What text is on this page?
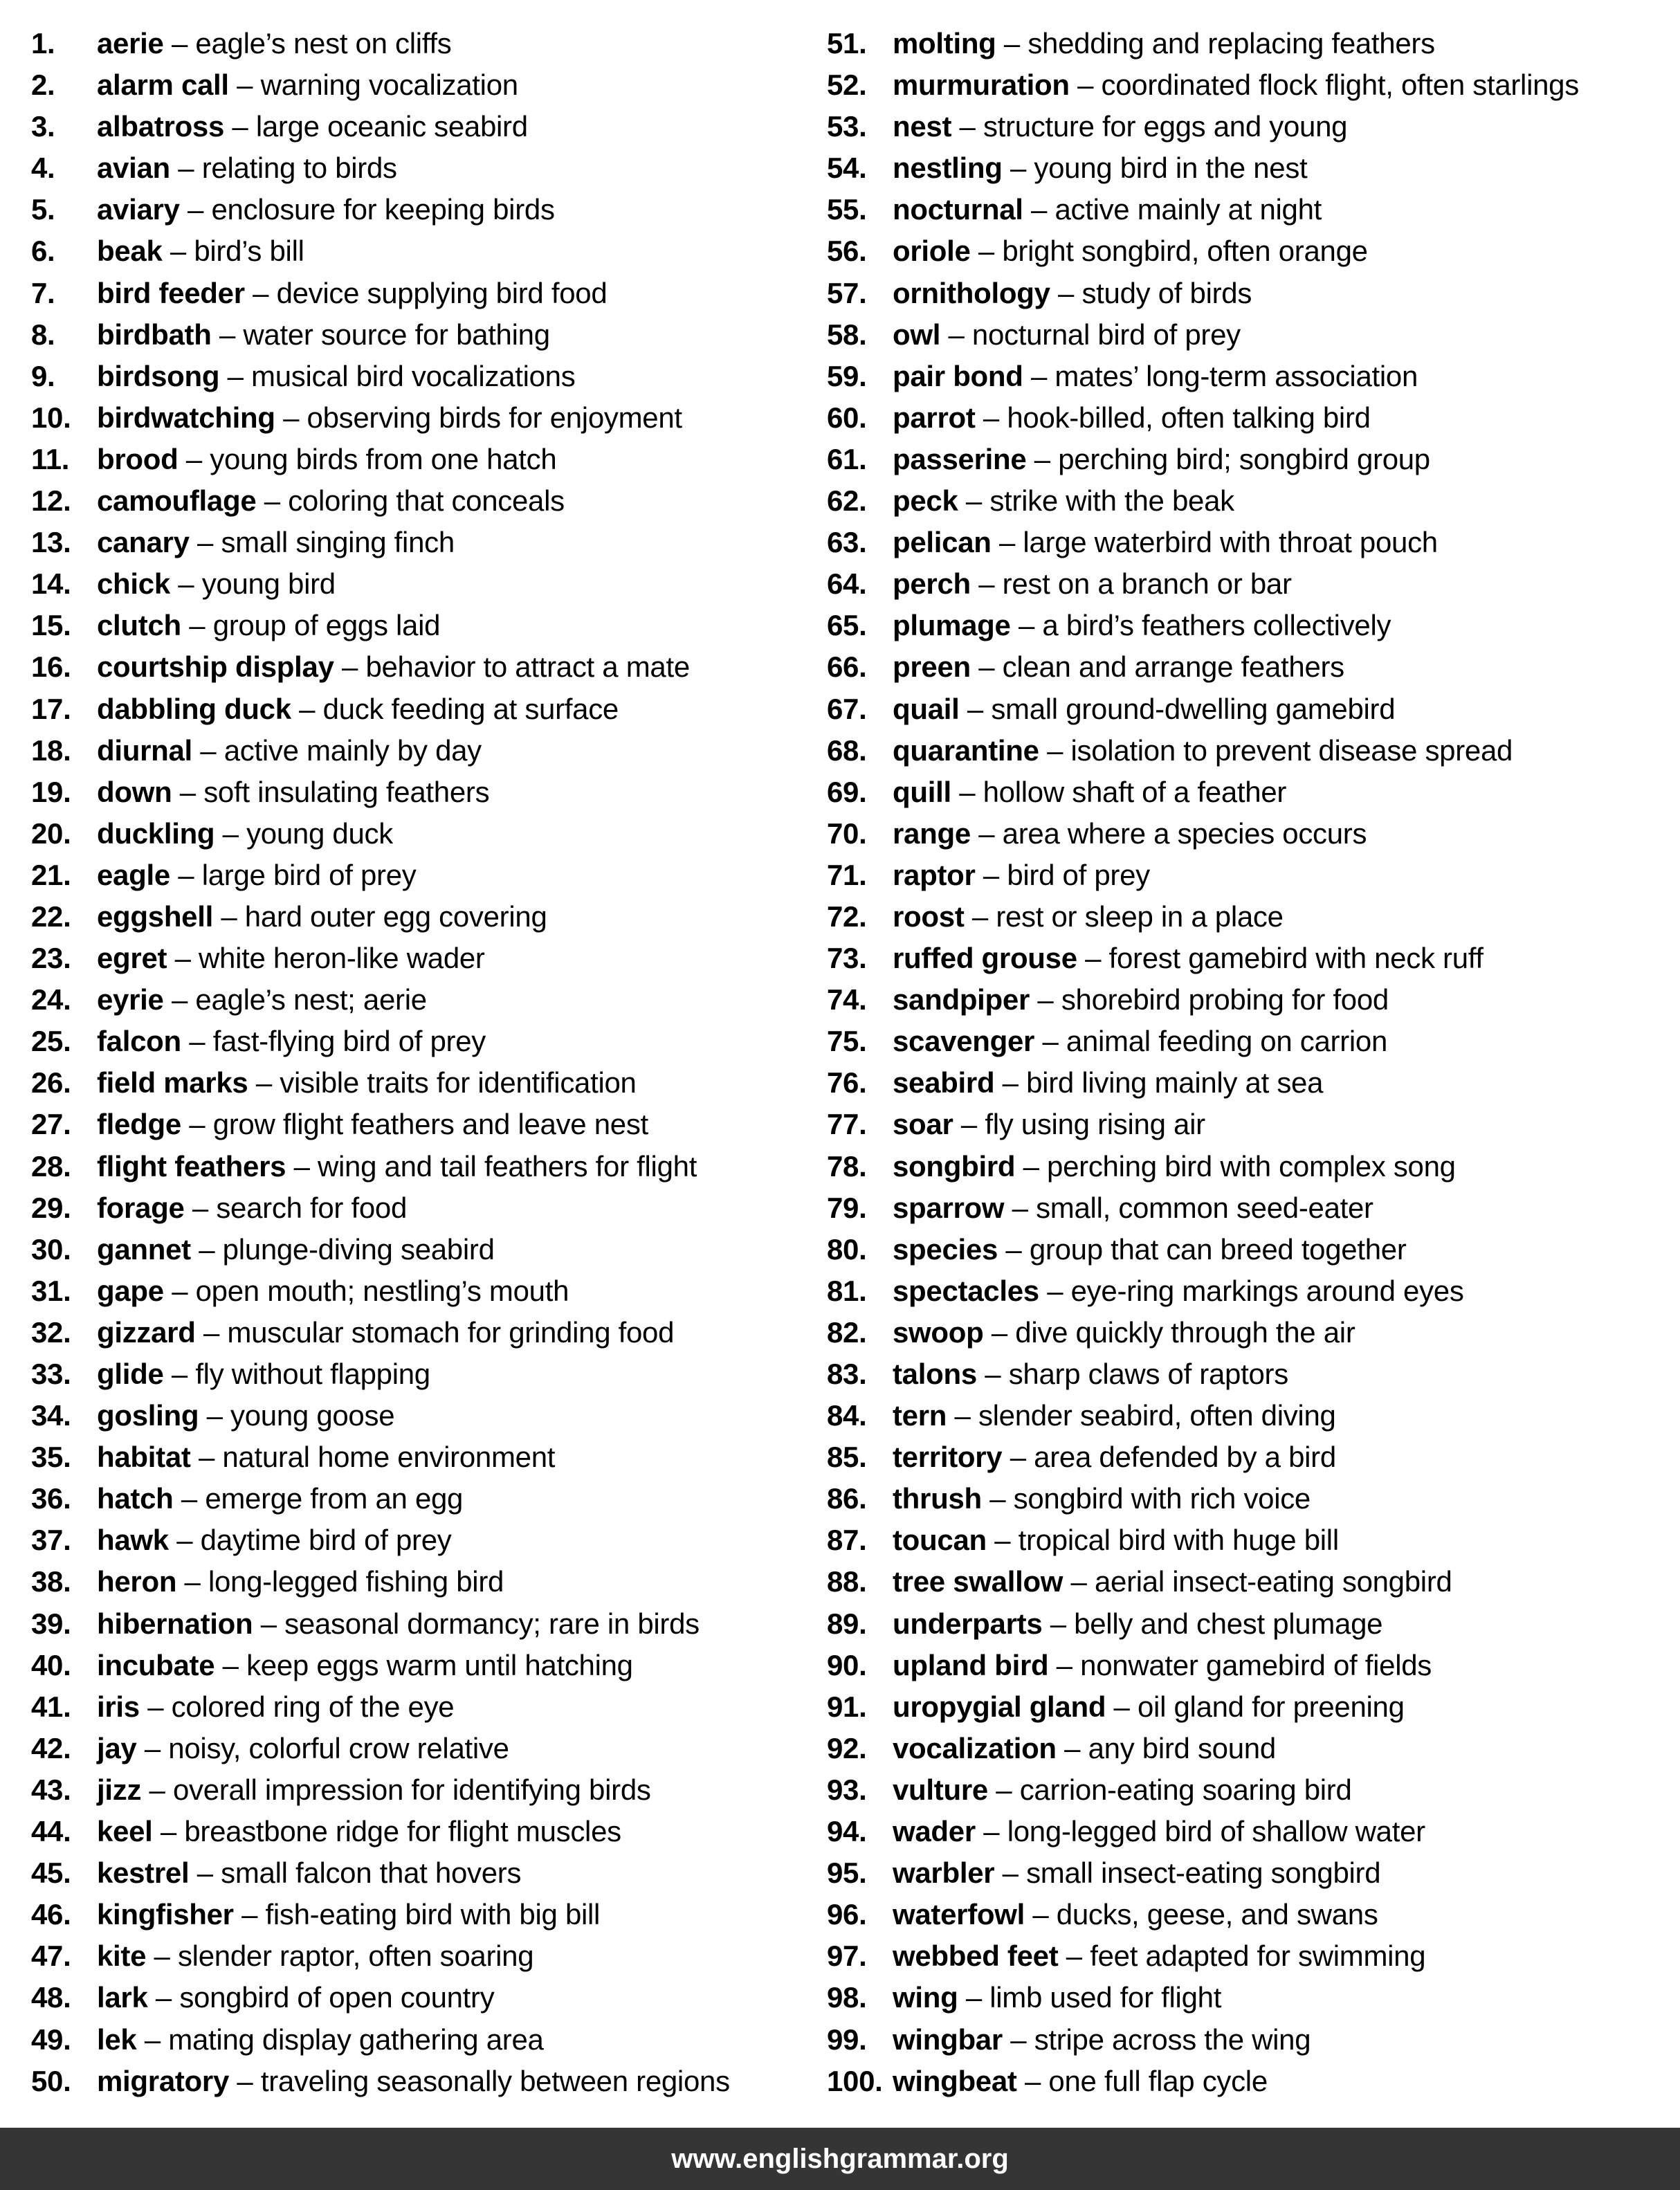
1.	aerie – eagle’s nest on cliffs
2.	alarm call – warning vocalization
3.	albatross – large oceanic seabird
4.	avian – relating to birds
5.	aviary – enclosure for keeping birds
6.	beak – bird’s bill
7.	bird feeder – device supplying bird food
8.	birdbath – water source for bathing
9.	birdsong – musical bird vocalizations
10. birdwatching – observing birds for enjoyment
11. brood – young birds from one hatch
12. camouflage – coloring that conceals
13. canary – small singing finch
14. chick – young bird
15. clutch – group of eggs laid
16. courtship display – behavior to attract a mate
17. dabbling duck – duck feeding at surface
18. diurnal – active mainly by day
19. down – soft insulating feathers
20. duckling – young duck
21. eagle – large bird of prey
22. eggshell – hard outer egg covering
23. egret – white heron-like wader
24. eyrie – eagle’s nest; aerie
25. falcon – fast-flying bird of prey
26. field marks – visible traits for identification
27. fledge – grow flight feathers and leave nest
28. flight feathers – wing and tail feathers for flight
29. forage – search for food
30. gannet – plunge-diving seabird
31. gape – open mouth; nestling’s mouth
32. gizzard – muscular stomach for grinding food
33. glide – fly without flapping
34. gosling – young goose
35. habitat – natural home environment
36. hatch – emerge from an egg
37. hawk – daytime bird of prey
38. heron – long-legged fishing bird
39. hibernation – seasonal dormancy; rare in birds
40. incubate – keep eggs warm until hatching
41. iris – colored ring of the eye
42. jay – noisy, colorful crow relative
43. jizz – overall impression for identifying birds
44. keel – breastbone ridge for flight muscles
45. kestrel – small falcon that hovers
46. kingfisher – fish-eating bird with big bill
47. kite – slender raptor, often soaring
48. lark – songbird of open country
49. lek – mating display gathering area
50. migratory – traveling seasonally between regions
51. molting – shedding and replacing feathers
52. murmuration – coordinated flock flight, often starlings
53. nest – structure for eggs and young
54. nestling – young bird in the nest
55. nocturnal – active mainly at night
56. oriole – bright songbird, often orange
57. ornithology – study of birds
58. owl – nocturnal bird of prey
59. pair bond – mates’ long-term association
60. parrot – hook-billed, often talking bird
61. passerine – perching bird; songbird group
62. peck – strike with the beak
63. pelican – large waterbird with throat pouch
64. perch – rest on a branch or bar
65. plumage – a bird’s feathers collectively
66. preen – clean and arrange feathers
67. quail – small ground-dwelling gamebird
68. quarantine – isolation to prevent disease spread
69. quill – hollow shaft of a feather
70. range – area where a species occurs
71. raptor – bird of prey
72. roost – rest or sleep in a place
73. ruffed grouse – forest gamebird with neck ruff
74. sandpiper – shorebird probing for food
75. scavenger – animal feeding on carrion
76. seabird – bird living mainly at sea
77. soar – fly using rising air
78. songbird – perching bird with complex song
79. sparrow – small, common seed-eater
80. species – group that can breed together
81. spectacles – eye-ring markings around eyes
82. swoop – dive quickly through the air
83. talons – sharp claws of raptors
84. tern – slender seabird, often diving
85. territory – area defended by a bird
86. thrush – songbird with rich voice
87. toucan – tropical bird with huge bill
88. tree swallow – aerial insect-eating songbird
89. underparts – belly and chest plumage
90. upland bird – nonwater gamebird of fields
91. uropygial gland – oil gland for preening
92. vocalization – any bird sound
93. vulture – carrion-eating soaring bird
94. wader – long-legged bird of shallow water
95. warbler – small insect-eating songbird
96. waterfowl – ducks, geese, and swans
97. webbed feet – feet adapted for swimming
98. wing – limb used for flight
99. wingbar – stripe across the wing
100. wingbeat – one full flap cycle
www.englishgrammar.org
